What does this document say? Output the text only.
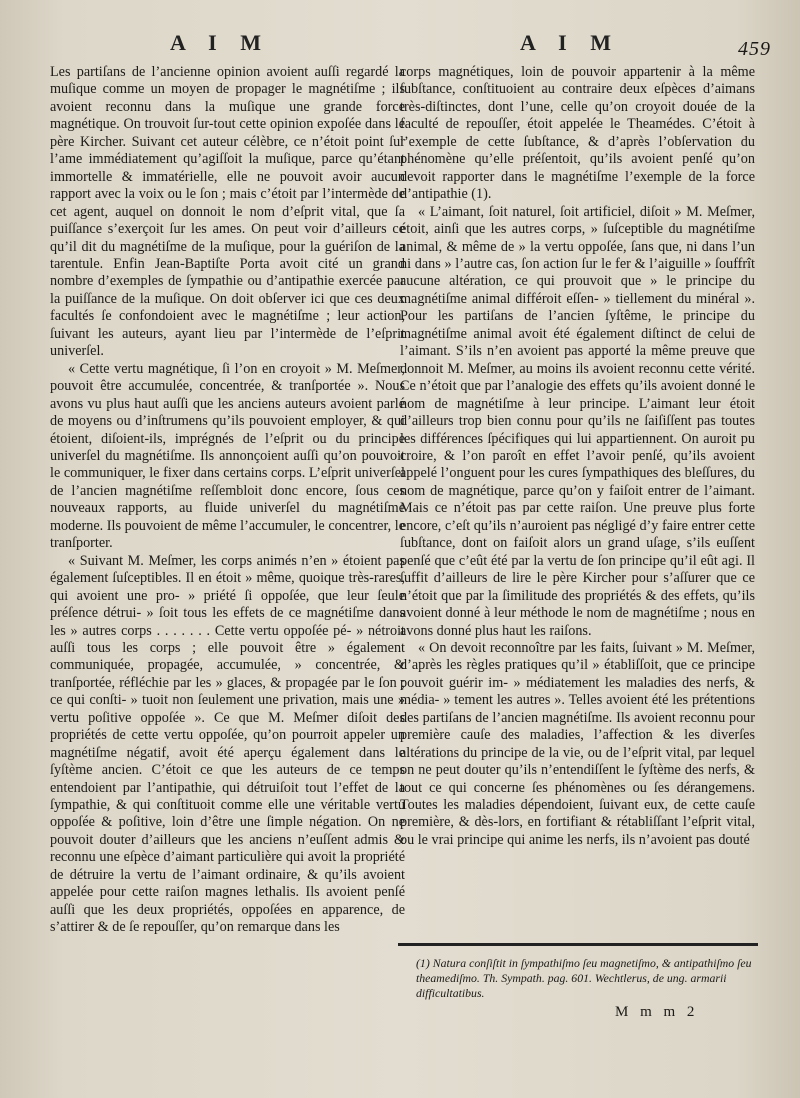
A I M	A I M	459

Les partiſans de l’ancienne opinion avoient auſſi regardé la muſique comme un moyen de propager le magnétiſme ; ils avoient reconnu dans la muſique une grande force magnétique. On trouvoit ſur-tout cette opinion expoſée dans le père Kircher. Suivant cet auteur célèbre, ce n’étoit point ſur l’ame immédiatement qu’agiſſoit la muſique, parce qu’étant immortelle & immatérielle, elle ne pouvoit avoir aucun rapport avec la voix ou le ſon ; mais c’étoit par l’intermède de cet agent, auquel on donnoit le nom d’eſprit vital, que ſa puiſſance s’exerçoit ſur les ames. On peut voir d’ailleurs ce qu’il dit du magnétiſme de la muſique, pour la guériſon de la tarentule. Enfin Jean-Baptiſte Porta avoit cité un grand nombre d’exemples de ſympathie ou d’antipathie exercée par la puiſſance de la muſique. On doit obſerver ici que ces deux facultés ſe confondoient avec le magnétiſme ; leur action, ſuivant les auteurs, ayant lieu par l’intermède de l’eſprit univerſel.

« Cette vertu magnétique, ſi l’on en croyoit » M. Meſmer, pouvoit être accumulée, concentrée, & tranſportée ». Nous avons vu plus haut auſſi que les anciens auteurs avoient parlé de moyens ou d’inſtrumens qu’ils pouvoient employer, & qui étoient, diſoient-ils, imprégnés de l’eſprit ou du principe univerſel du magnétiſme. Ils annonçoient auſſi qu’on pouvoit le communiquer, le fixer dans certains corps. L’eſprit univerſel de l’ancien magnétiſme reſſembloit donc encore, ſous ces nouveaux rapports, au fluide univerſel du magnétiſme moderne. Ils pouvoient de même l’accumuler, le concentrer, le tranſporter.

« Suivant M. Meſmer, les corps animés n’en » étoient pas également ſuſceptibles. Il en étoit » même, quoique très-rares, qui avoient une pro- » priété ſi oppoſée, que leur ſeule préſence détrui- » ſoit tous les effets de ce magnétiſme dans les » autres corps . . . . . . . Cette vertu oppoſée pé- » nétroit auſſi tous les corps ; elle pouvoit être » également communiquée, propagée, accumulée, » concentrée, & tranſportée, réfléchie par les » glaces, & propagée par le ſon ; ce qui conſti- » tuoit non ſeulement une privation, mais une » vertu poſitive oppoſée ». Ce que M. Meſmer diſoit des propriétés de cette vertu oppoſée, qu’on pourroit appeler un magnétiſme négatif, avoit été aperçu également dans le ſyſtème ancien. C’étoit ce que les auteurs de ce temps entendoient par l’antipathie, qui détruiſoit tout l’effet de la ſympathie, & qui conſtituoit comme elle une véritable vertu oppoſée & poſitive, loin d’être une ſimple négation. On ne pouvoit douter d’ailleurs que les anciens n’euſſent admis & reconnu une eſpèce d’aimant particulière qui avoit la propriété de détruire la vertu de l’aimant ordinaire, & qu’ils avoient appelée pour cette raiſon magnes lethalis. Ils avoient penſé auſſi que les deux propriétés, oppoſées en apparence, de s’attirer & de ſe repouſſer, qu’on remarque dans les

corps magnétiques, loin de pouvoir appartenir à la même ſubſtance, conſtituoient au contraire deux eſpèces d’aimans très-diſtinctes, dont l’une, celle qu’on croyoit douée de la faculté de repouſſer, étoit appelée le Theamédes. C’étoit à l’exemple de cette ſubſtance, & d’après l’obſervation du phénomène qu’elle préſentoit, qu’ils avoient penſé qu’on devoit rapporter dans le magnétiſme l’exemple de la force d’antipathie (1).

« L’aimant, ſoit naturel, ſoit artificiel, diſoit » M. Meſmer, étoit, ainſi que les autres corps, » ſuſceptible du magnétiſme animal, & même de » la vertu oppoſée, ſans que, ni dans l’un ni dans » l’autre cas, ſon action ſur le fer & l’aiguille » ſouffrît aucune altération, ce qui prouvoit que » le principe du magnétiſme animal différoit eſſen- » tiellement du minéral ». Pour les partiſans de l’ancien ſyſtême, le principe du magnétiſme animal avoit été également diſtinct de celui de l’aimant. S’ils n’en avoient pas apporté la même preuve que donnoit M. Meſmer, au moins ils avoient reconnu cette vérité. Ce n’étoit que par l’analogie des effets qu’ils avoient donné le nom de magnétiſme à leur principe. L’aimant leur étoit d’ailleurs trop bien connu pour qu’ils ne ſaiſiſſent pas toutes les différences ſpécifiques qui lui appartiennent. On auroit pu croire, & l’on paroît en effet l’avoir penſé, qu’ils avoient appelé l’onguent pour les cures ſympathiques des bleſſures, du nom de magnétique, parce qu’on y faiſoit entrer de l’aimant. Mais ce n’étoit pas par cette raiſon. Une preuve plus forte encore, c’eſt qu’ils n’auroient pas négligé d’y faire entrer cette ſubſtance, dont on faiſoit alors un grand uſage, s’ils euſſent penſé que c’eût été par la vertu de ſon principe qu’il eût agi. Il ſuffit d’ailleurs de lire le père Kircher pour s’aſſurer que ce n’étoit que par la ſimilitude des propriétés & des effets, qu’ils avoient donné à leur méthode le nom de magnétiſme ; nous en avons donné plus haut les raiſons.

« On devoit reconnoître par les faits, ſuivant » M. Meſmer, d’après les règles pratiques qu’il » établiſſoit, que ce principe pouvoit guérir im- » médiatement les maladies des nerfs, & média- » tement les autres ». Telles avoient été les prétentions des partiſans de l’ancien magnétiſme. Ils avoient reconnu pour première cauſe des maladies, l’affection & les diverſes altérations du principe de la vie, ou de l’eſprit vital, par lequel on ne peut douter qu’ils n’entendiſſent le ſyſtème des nerfs, & tout ce qui concerne ſes phénomènes ou ſes dérangemens. Toutes les maladies dépendoient, ſuivant eux, de cette cauſe première, & dès-lors, en fortifiant & rétabliſſant l’eſprit vital, ou le vrai principe qui anime les nerfs, ils n’avoient pas douté

(1) Natura conſiſtit in ſympathiſmo ſeu magnetiſmo, & antipathiſmo ſeu theamediſmo. Th. Sympath. pag. 601. Wechtlerus, de ung. armarii difficultatibus.
M m m 2
